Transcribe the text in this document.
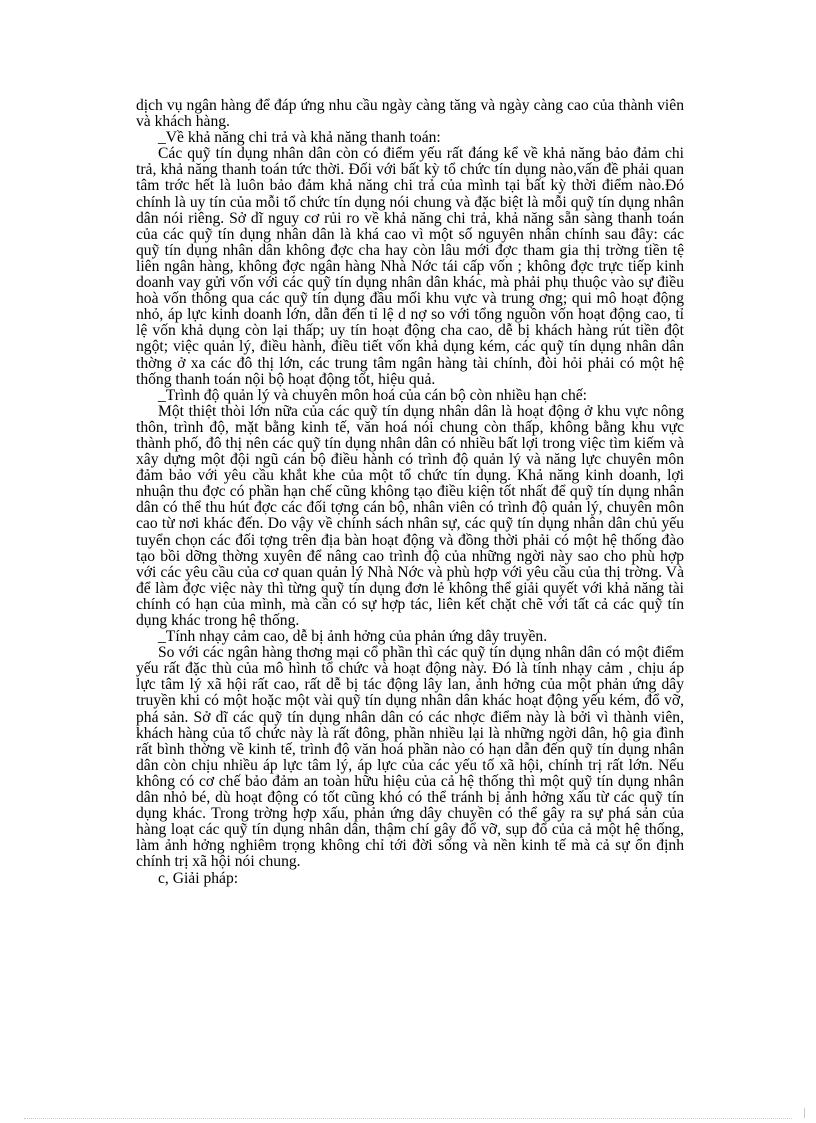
dịch vụ ngân hàng để đáp ứng nhu cầu ngày càng tăng và ngày càng cao của thành viên và khách hàng.

_Về khả năng chi trả và khả năng thanh toán:

Các quỹ tín dụng nhân dân còn có điểm yếu rất đáng kể về khả năng bảo đảm chi trả, khả năng thanh toán tức thời. Đối với bất kỳ tổ chức tín dụng nào,vấn đề phải quan tâm trớc hết là luôn bảo đảm khả năng chi trả của mình tại bất kỳ thời điểm nào.Đó chính là uy tín của mỗi tổ chức tín dụng nói chung và đặc biệt là mỗi quỹ tín dụng nhân dân nói riêng. Sở dĩ nguy cơ rủi ro về khả năng chi trả, khả năng sẵn sàng thanh toán của các quỹ tín dụng nhân dân là khá cao vì một số nguyên nhân chính sau đây: các quỹ tín dụng nhân dân không đợc cha hay còn lâu mới đợc tham gia thị trờng tiền tệ liên ngân hàng, không đợc ngân hàng Nhà Nớc tái cấp vốn ; không đợc trực tiếp kinh doanh vay gửi vốn với các quỹ tín dụng nhân dân khác, mà phải phụ thuộc vào sự điều hoà vốn thông qua các quỹ tín dụng đầu mối khu vực và trung ơng; qui mô hoạt động nhỏ, áp lực kinh doanh lớn, dẫn đến tỉ lệ d nợ so với tổng nguồn vốn hoạt động cao, tỉ lệ vốn khả dụng còn lại thấp; uy tín hoạt động cha cao, dễ bị khách hàng rút tiền đột ngột; việc quản lý, điều hành, điều tiết vốn khả dụng kém, các quỹ tín dụng nhân dân thờng ở xa các đô thị lớn, các trung tâm ngân hàng tài chính, đòi hỏi phải có một hệ thống thanh toán nội bộ hoạt động tốt, hiệu quả.

_Trình độ quản lý và chuyên môn hoá của cán bộ còn nhiều hạn chế:

Một thiệt thòi lớn nữa của các quỹ tín dụng nhân dân là hoạt động ở khu vực nông thôn, trình độ, mặt bằng kinh tế, văn hoá nói chung còn thấp, không bằng khu vực thành phố, đô thị nên các quỹ tín dụng nhân dân có nhiều bất lợi trong việc tìm kiếm và xây dựng một đội ngũ cán bộ điều hành có trình độ quản lý và năng lực chuyên môn đảm bảo với yêu cầu khắt khe của một tổ chức tín dụng. Khả năng kinh doanh, lợi nhuận thu đợc có phần hạn chế cũng không tạo điều kiện tốt nhất để quỹ tín dụng nhân dân có thể thu hút đợc các đối tợng cán bộ, nhân viên có trình độ quản lý, chuyên môn cao từ nơi khác đến. Do vậy về chính sách nhân sự, các quỹ tín dụng nhân dân chủ yếu tuyển chọn các đối tợng trên địa bàn hoạt động và đồng thời phải có một hệ thống đào tạo bồi dỡng thờng xuyên để nâng cao trình độ của những ngời này sao cho phù hợp với các yêu cầu của cơ quan quản lý Nhà Nớc và phù hợp với yêu cầu của thị trờng. Và để làm đợc việc này thì từng quỹ tín dụng đơn lẻ không thể giải quyết với khả năng tài chính có hạn của mình, mà cần có sự hợp tác, liên kết chặt chẽ với tất cả các quỹ tín dụng khác trong hệ thống.

_Tính nhạy cảm cao, dễ bị ảnh hởng của phản ứng dây truyền.

So với các ngân hàng thơng mại cổ phần thì các quỹ tín dụng nhân dân có một điểm yếu rất đặc thù của mô hình tổ chức và hoạt động này. Đó là tính nhạy cảm , chịu áp lực tâm lý xã hội rất cao, rất dễ bị tác động lây lan, ảnh hởng của một phản ứng dây truyền khi có một hoặc một vài quỹ tín dụng nhân dân khác hoạt động yếu kém, đổ vỡ, phá sản. Sở dĩ các quỹ tín dụng nhân dân có các nhợc điểm này là bởi vì thành viên, khách hàng của tổ chức này là rất đông, phần nhiều lại là những ngời dân, hộ gia đình rất bình thờng về kinh tế, trình độ văn hoá phần nào có hạn dẫn đến quỹ tín dụng nhân dân còn chịu nhiều áp lực tâm lý, áp lực của các yếu tố xã hội, chính trị rất lớn. Nếu không có cơ chế bảo đảm an toàn hữu hiệu của cả hệ thống thì một quỹ tín dụng nhân dân nhỏ bé, dù hoạt động có tốt cũng khó có thể tránh bị ảnh hởng xấu từ các quỹ tín dụng khác. Trong trờng hợp xấu, phản ứng dây chuyền có thể gây ra sự phá sản của hàng loạt các quỹ tín dụng nhân dân, thậm chí gây đổ vỡ, sụp đổ của cả một hệ thống, làm ảnh hởng nghiêm trọng không chỉ tới đời sống và nền kinh tế mà cả sự ổn định chính trị xã hội nói chung.

c, Giải pháp:
